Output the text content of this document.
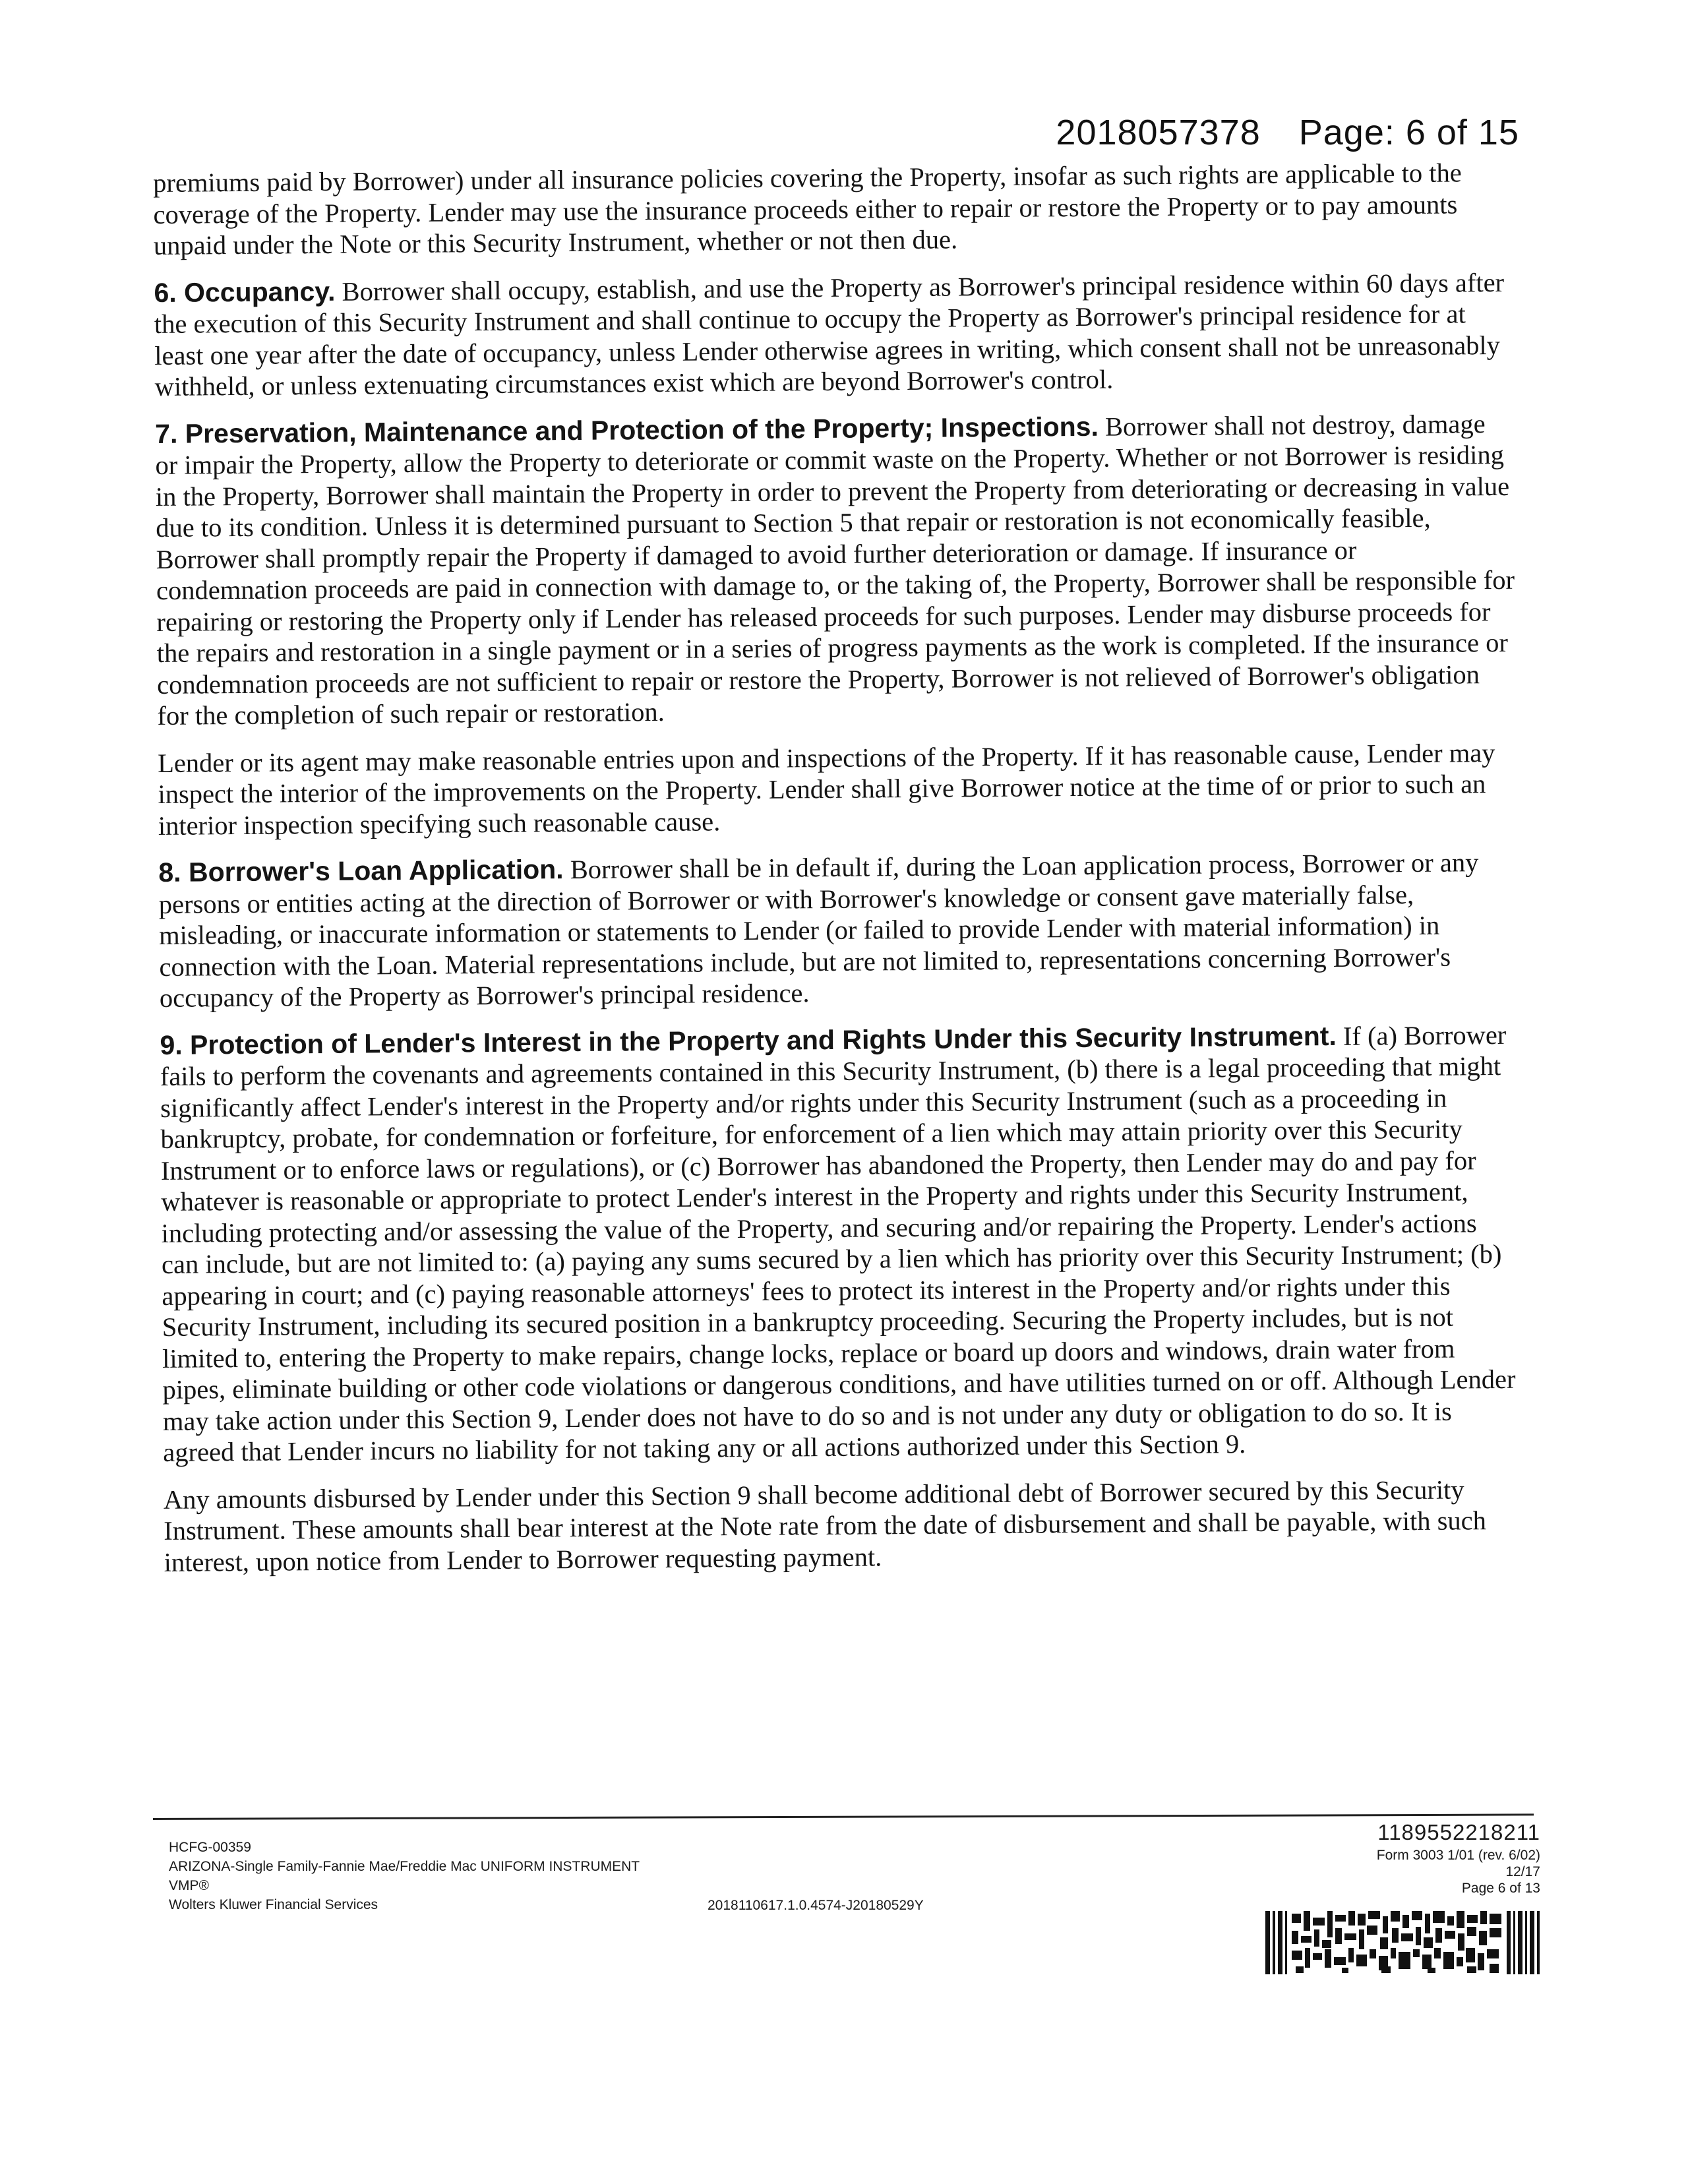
2018057378 Page: 6 of 15

premiums paid by Borrower) under all insurance policies covering the Property, insofar as such rights are applicable to the coverage of the Property. Lender may use the insurance proceeds either to repair or restore the Property or to pay amounts unpaid under the Note or this Security Instrument, whether or not then due.

6. Occupancy. Borrower shall occupy, establish, and use the Property as Borrower's principal residence within 60 days after the execution of this Security Instrument and shall continue to occupy the Property as Borrower's principal residence for at least one year after the date of occupancy, unless Lender otherwise agrees in writing, which consent shall not be unreasonably withheld, or unless extenuating circumstances exist which are beyond Borrower's control.

7. Preservation, Maintenance and Protection of the Property; Inspections. Borrower shall not destroy, damage or impair the Property, allow the Property to deteriorate or commit waste on the Property. Whether or not Borrower is residing in the Property, Borrower shall maintain the Property in order to prevent the Property from deteriorating or decreasing in value due to its condition. Unless it is determined pursuant to Section 5 that repair or restoration is not economically feasible, Borrower shall promptly repair the Property if damaged to avoid further deterioration or damage. If insurance or condemnation proceeds are paid in connection with damage to, or the taking of, the Property, Borrower shall be responsible for repairing or restoring the Property only if Lender has released proceeds for such purposes. Lender may disburse proceeds for the repairs and restoration in a single payment or in a series of progress payments as the work is completed. If the insurance or condemnation proceeds are not sufficient to repair or restore the Property, Borrower is not relieved of Borrower's obligation for the completion of such repair or restoration.

Lender or its agent may make reasonable entries upon and inspections of the Property. If it has reasonable cause, Lender may inspect the interior of the improvements on the Property. Lender shall give Borrower notice at the time of or prior to such an interior inspection specifying such reasonable cause.

8. Borrower's Loan Application. Borrower shall be in default if, during the Loan application process, Borrower or any persons or entities acting at the direction of Borrower or with Borrower's knowledge or consent gave materially false, misleading, or inaccurate information or statements to Lender (or failed to provide Lender with material information) in connection with the Loan. Material representations include, but are not limited to, representations concerning Borrower's occupancy of the Property as Borrower's principal residence.

9. Protection of Lender's Interest in the Property and Rights Under this Security Instrument. If (a) Borrower fails to perform the covenants and agreements contained in this Security Instrument, (b) there is a legal proceeding that might significantly affect Lender's interest in the Property and/or rights under this Security Instrument (such as a proceeding in bankruptcy, probate, for condemnation or forfeiture, for enforcement of a lien which may attain priority over this Security Instrument or to enforce laws or regulations), or (c) Borrower has abandoned the Property, then Lender may do and pay for whatever is reasonable or appropriate to protect Lender's interest in the Property and rights under this Security Instrument, including protecting and/or assessing the value of the Property, and securing and/or repairing the Property. Lender's actions can include, but are not limited to: (a) paying any sums secured by a lien which has priority over this Security Instrument; (b) appearing in court; and (c) paying reasonable attorneys' fees to protect its interest in the Property and/or rights under this Security Instrument, including its secured position in a bankruptcy proceeding. Securing the Property includes, but is not limited to, entering the Property to make repairs, change locks, replace or board up doors and windows, drain water from pipes, eliminate building or other code violations or dangerous conditions, and have utilities turned on or off. Although Lender may take action under this Section 9, Lender does not have to do so and is not under any duty or obligation to do so. It is agreed that Lender incurs no liability for not taking any or all actions authorized under this Section 9.

Any amounts disbursed by Lender under this Section 9 shall become additional debt of Borrower secured by this Security Instrument. These amounts shall bear interest at the Note rate from the date of disbursement and shall be payable, with such interest, upon notice from Lender to Borrower requesting payment.

HCFG-00359
ARIZONA-Single Family-Fannie Mae/Freddie Mac UNIFORM INSTRUMENT
VMP®
Wolters Kluwer Financial Services	2018110617.1.0.4574-J20180529Y
1189552218211
Form 3003 1/01 (rev. 6/02)
12/17
Page 6 of 13
